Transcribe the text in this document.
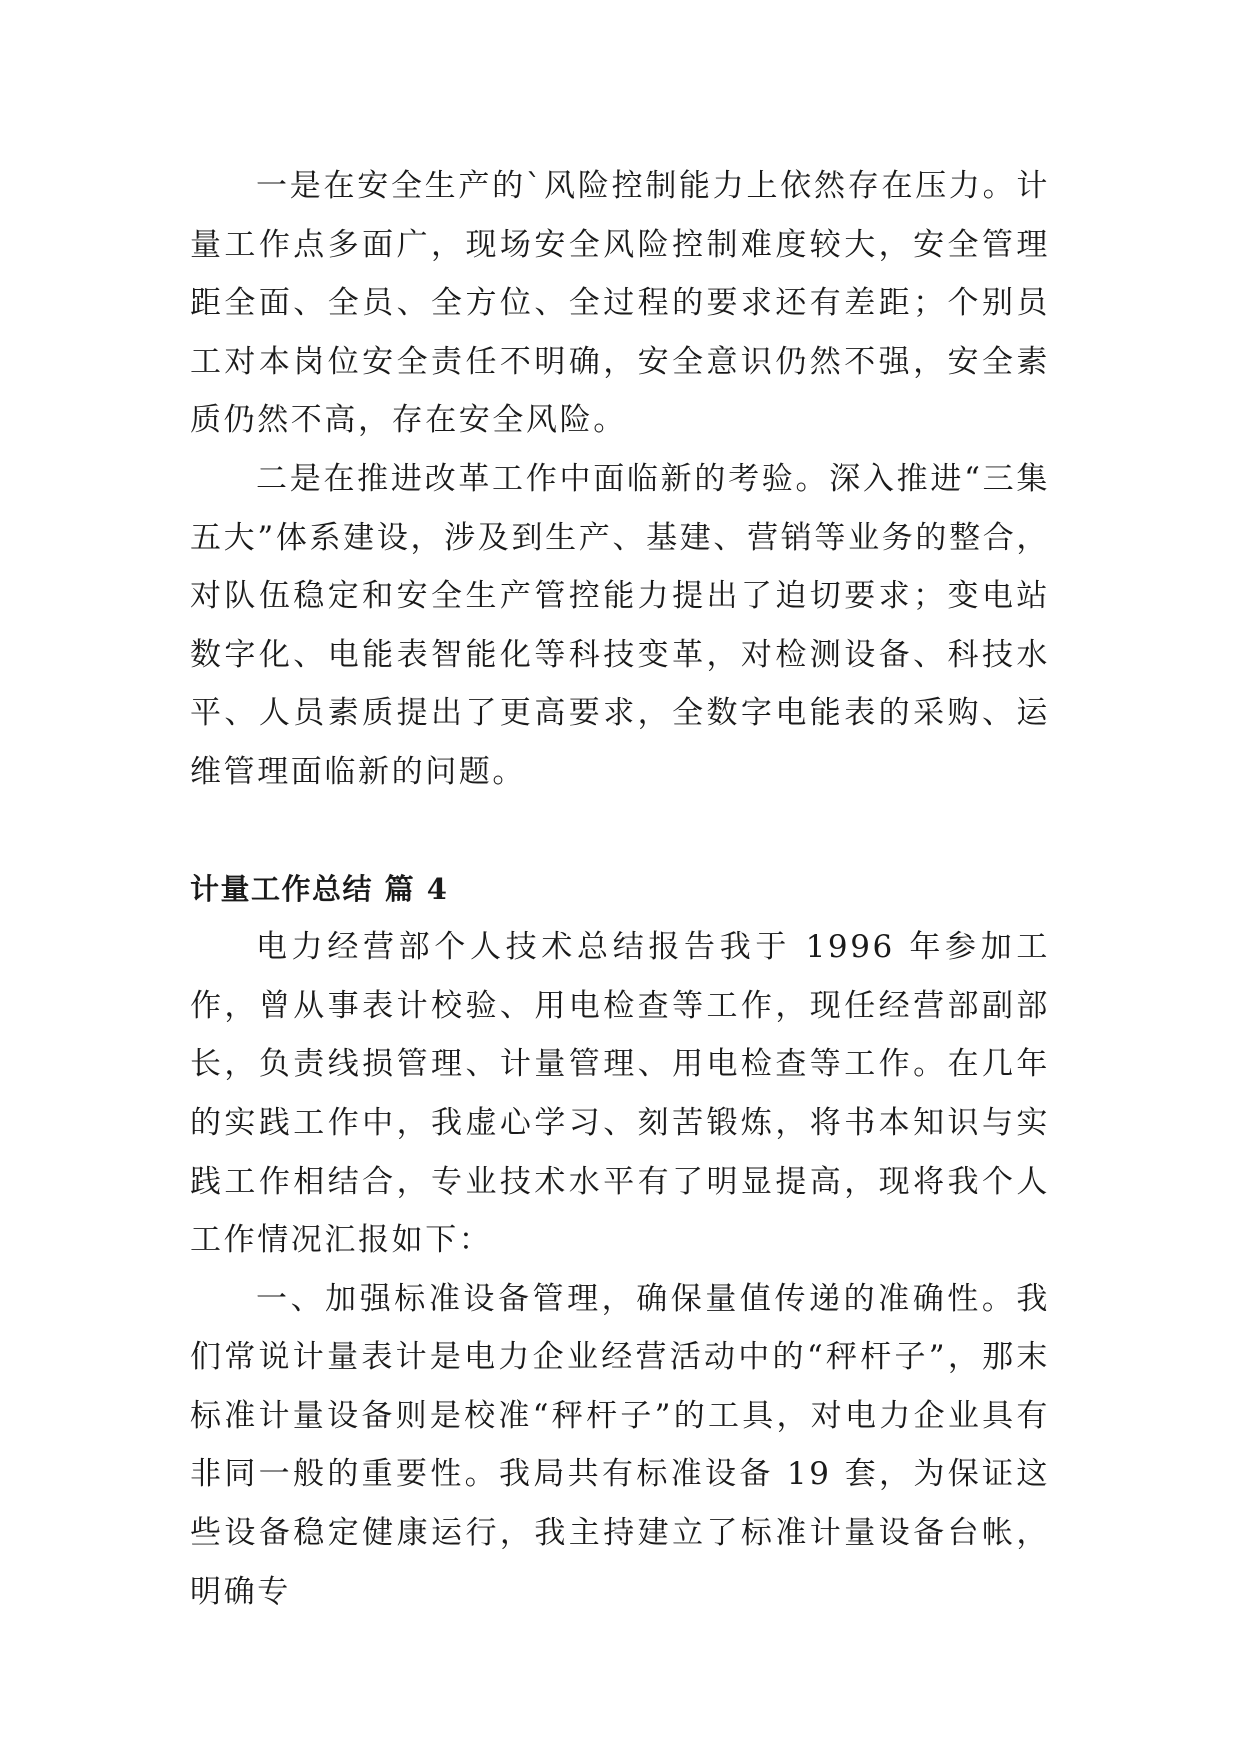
一是在安全生产的`风险控制能力上依然存在压力。计量工作点多面广，现场安全风险控制难度较大，安全管理距全面、全员、全方位、全过程的要求还有差距；个别员工对本岗位安全责任不明确，安全意识仍然不强，安全素质仍然不高，存在安全风险。

二是在推进改革工作中面临新的考验。深入推进“三集五大”体系建设，涉及到生产、基建、营销等业务的整合，对队伍稳定和安全生产管控能力提出了迫切要求；变电站数字化、电能表智能化等科技变革，对检测设备、科技水平、人员素质提出了更高要求，全数字电能表的采购、运维管理面临新的问题。

计量工作总结 篇 4

电力经营部个人技术总结报告我于 1996 年参加工作，曾从事表计校验、用电检查等工作，现任经营部副部长，负责线损管理、计量管理、用电检查等工作。在几年的实践工作中，我虚心学习、刻苦锻炼，将书本知识与实践工作相结合，专业技术水平有了明显提高，现将我个人工作情况汇报如下：

一、加强标准设备管理，确保量值传递的准确性。我们常说计量表计是电力企业经营活动中的“秤杆子”，那末标准计量设备则是校准“秤杆子”的工具，对电力企业具有非同一般的重要性。我局共有标准设备 19 套，为保证这些设备稳定健康运行，我主持建立了标准计量设备台帐，明确专
